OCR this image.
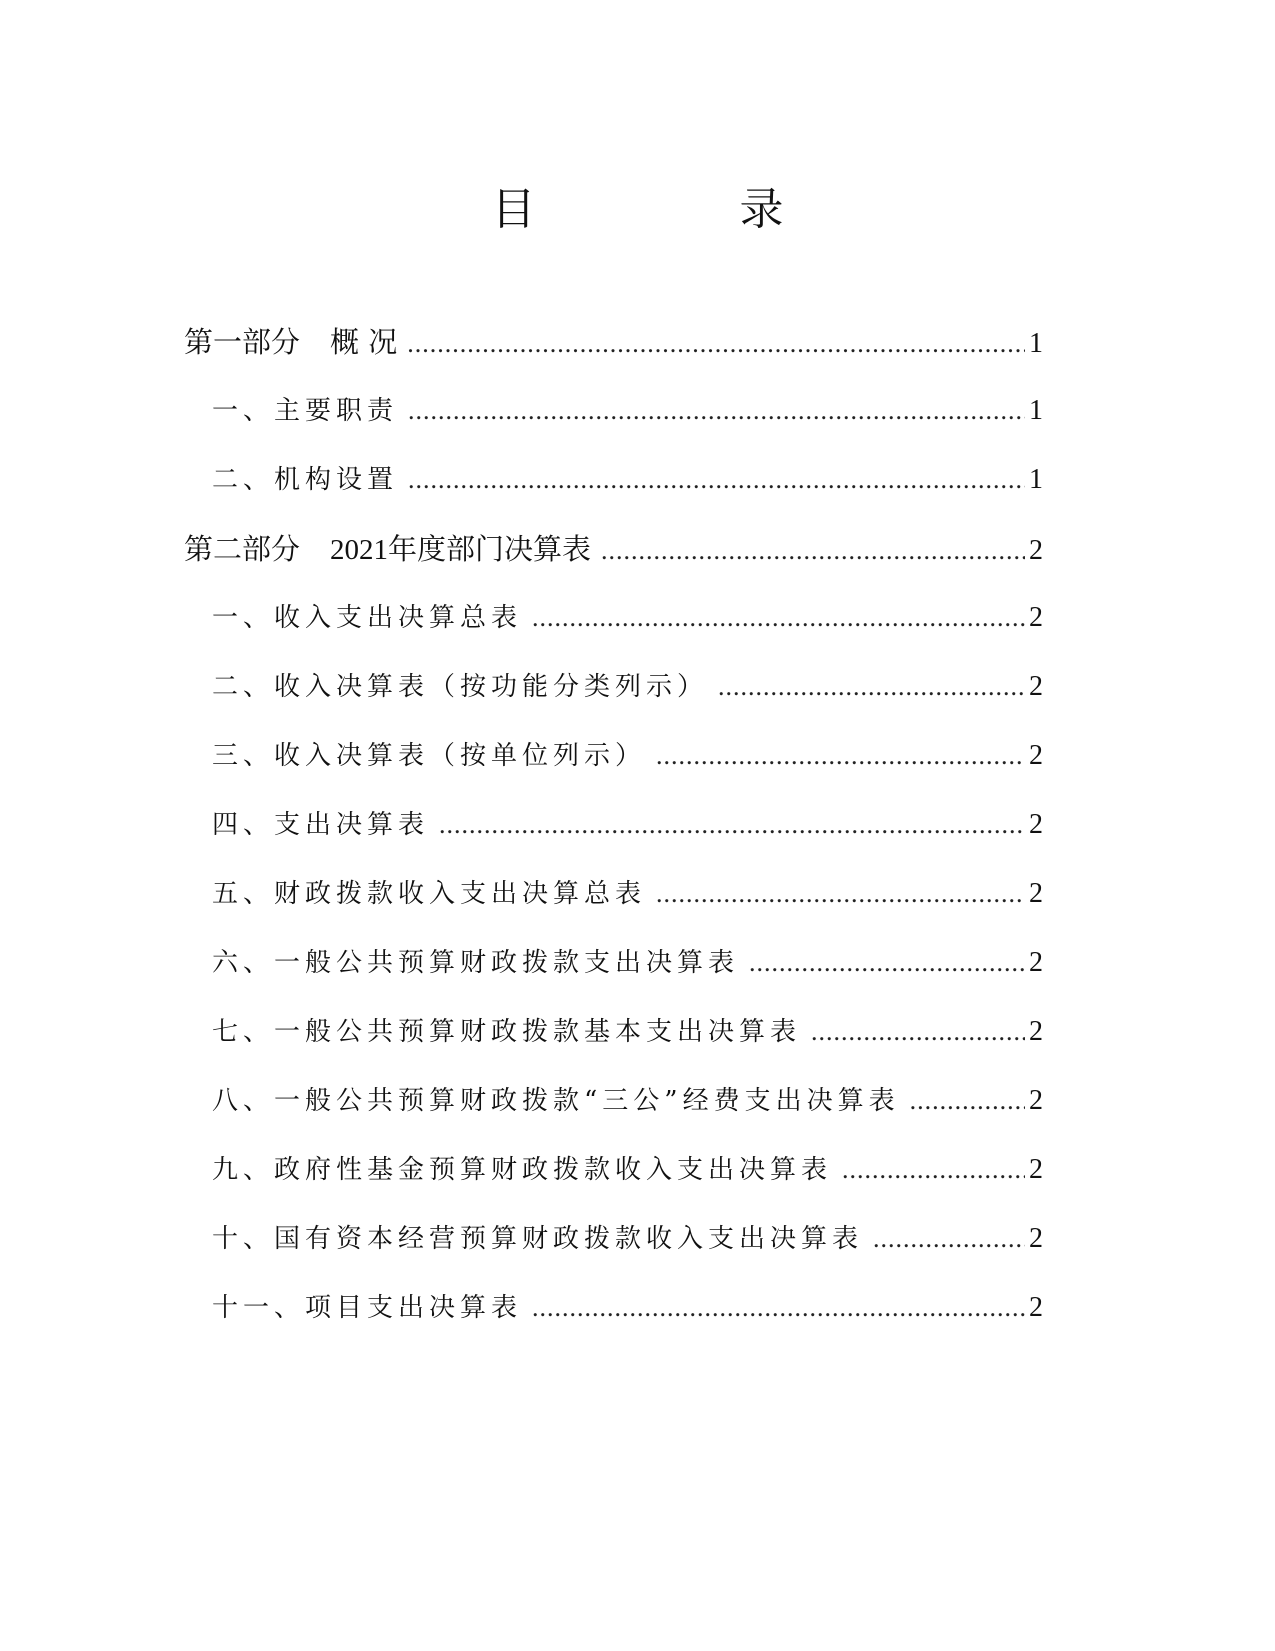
目　录
第一部分 概 况 .....	1
一、主要职责 .....	1
二、机构设置 .....	1
第二部分 2021年度部门决算表 .....	2
一、收入支出决算总表 .....	2
二、收入决算表（按功能分类列示） .....	2
三、收入决算表（按单位列示） .....	2
四、支出决算表 .....	2
五、财政拨款收入支出决算总表 .....	2
六、一般公共预算财政拨款支出决算表 .....	2
七、一般公共预算财政拨款基本支出决算表 .....	2
八、一般公共预算财政拨款“三公”经费支出决算表 .....	2
九、政府性基金预算财政拨款收入支出决算表 .....	2
十、国有资本经营预算财政拨款收入支出决算表 .....	2
十一、项目支出决算表 .....	2
